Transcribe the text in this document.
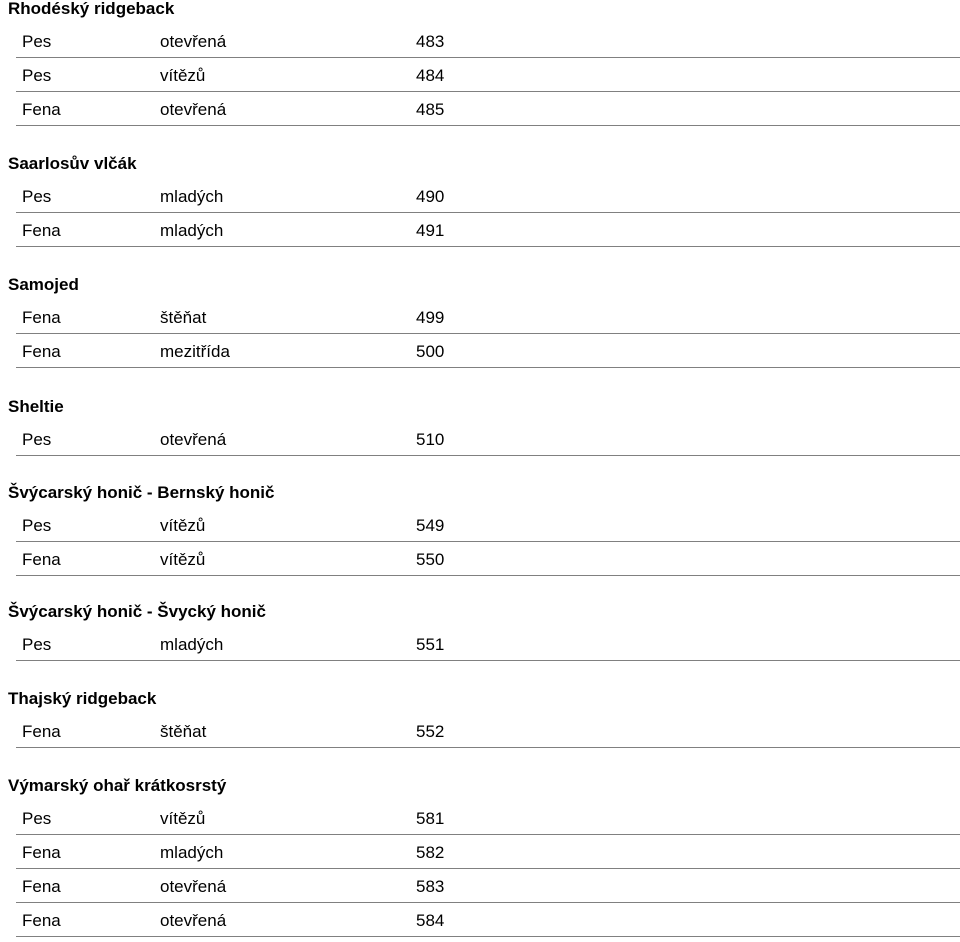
Rhodéský ridgeback
Pes	otevřená	483
Pes	vítězů	484
Fena	otevřená	485
Saarlosův vlčák
Pes	mladých	490
Fena	mladých	491
Samojed
Fena	štěňat	499
Fena	mezitřída	500
Sheltie
Pes	otevřená	510
Švýcarský honič - Bernský honič
Pes	vítězů	549
Fena	vítězů	550
Švýcarský honič - Švycký honič
Pes	mladých	551
Thajský ridgeback
Fena	štěňat	552
Výmarský ohař krátkosrstý
Pes	vítězů	581
Fena	mladých	582
Fena	otevřená	583
Fena	otevřená	584
